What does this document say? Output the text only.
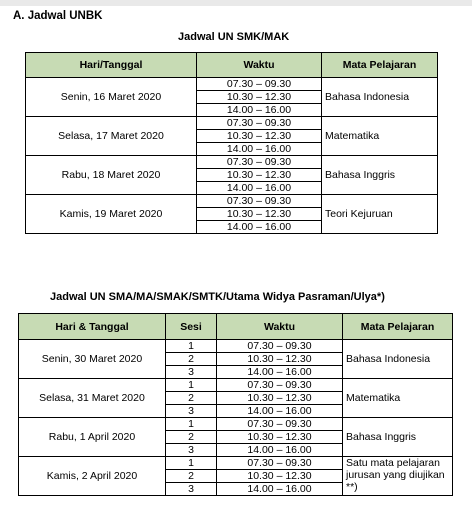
A. Jadwal UNBK
Jadwal UN SMK/MAK
Hari/Tanggal	Waktu	Mata Pelajaran
Senin, 16 Maret 2020	07.30 – 09.30	Bahasa Indonesia
	10.30 – 12.30	
	14.00 – 16.00	
Selasa, 17 Maret 2020	07.30 – 09.30	Matematika
	10.30 – 12.30	
	14.00 – 16.00	
Rabu, 18 Maret 2020	07.30 – 09.30	Bahasa Inggris
	10.30 – 12.30	
	14.00 – 16.00	
Kamis, 19 Maret 2020	07.30 – 09.30	Teori Kejuruan
	10.30 – 12.30	
	14.00 – 16.00	
Jadwal UN SMA/MA/SMAK/SMTK/Utama Widya Pasraman/Ulya*)
Hari & Tanggal	Sesi	Waktu	Mata Pelajaran
Senin, 30 Maret 2020	1	07.30 – 09.30	Bahasa Indonesia
	2	10.30 – 12.30	
	3	14.00 – 16.00	
Selasa, 31 Maret 2020	1	07.30 – 09.30	Matematika
	2	10.30 – 12.30	
	3	14.00 – 16.00	
Rabu, 1 April 2020	1	07.30 – 09.30	Bahasa Inggris
	2	10.30 – 12.30	
	3	14.00 – 16.00	
Kamis, 2 April 2020	1	07.30 – 09.30	Satu mata pelajaran jurusan yang diujikan **)
	2	10.30 – 12.30	
	3	14.00 – 16.00	
